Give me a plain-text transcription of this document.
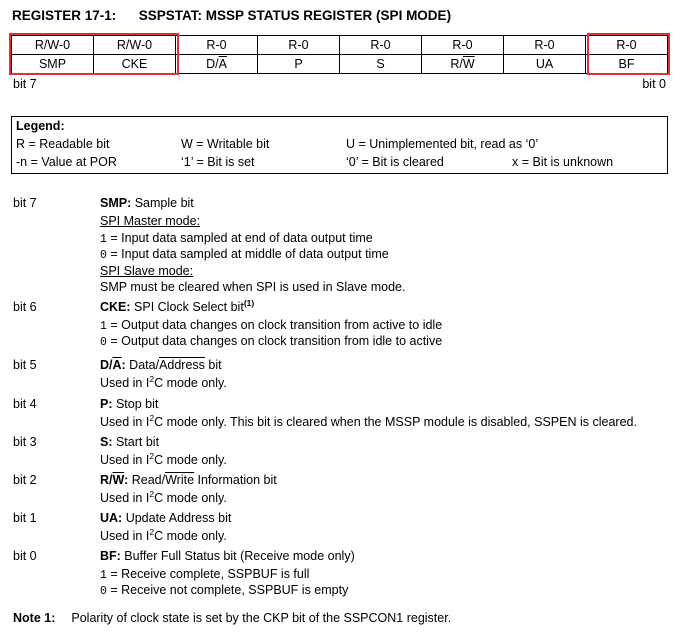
REGISTER 17-1:      SSPSTAT: MSSP STATUS REGISTER (SPI MODE)
R/W-0	R/W-0	R-0	R-0	R-0	R-0	R-0	R-0
SMP	CKE	$D/\overline{A}$	P	S	$R/\overline{W}$	UA	BF
bit 7	bit 0
Legend:
R = Readable bit	W = Writable bit	U = Unimplemented bit, read as ‘0’
-n = Value at POR	‘1’ = Bit is set	‘0’ = Bit is cleared	x = Bit is unknown
bit 7	SMP: Sample bit
SPI Master mode:
1 = Input data sampled at end of data output time
0 = Input data sampled at middle of data output time
SPI Slave mode:
SMP must be cleared when SPI is used in Slave mode.
bit 6	CKE: SPI Clock Select bit$^{(1)}$
1 = Output data changes on clock transition from active to idle
0 = Output data changes on clock transition from idle to active
bit 5	$D/\overline{A}$: Data/Address bit
Used in $I^2C$ mode only.
bit 4	P: Stop bit
Used in $I^2C$ mode only. This bit is cleared when the MSSP module is disabled, SSPEN is cleared.
bit 3	S: Start bit
Used in $I^2C$ mode only.
bit 2	$R/\overline{W}$: Read/Write Information bit
Used in $I^2C$ mode only.
bit 1	UA: Update Address bit
Used in $I^2C$ mode only.
bit 0	BF: Buffer Full Status bit (Receive mode only)
1 = Receive complete, SSPBUF is full
0 = Receive not complete, SSPBUF is empty
Note 1: Polarity of clock state is set by the CKP bit of the SSPCON1 register.
